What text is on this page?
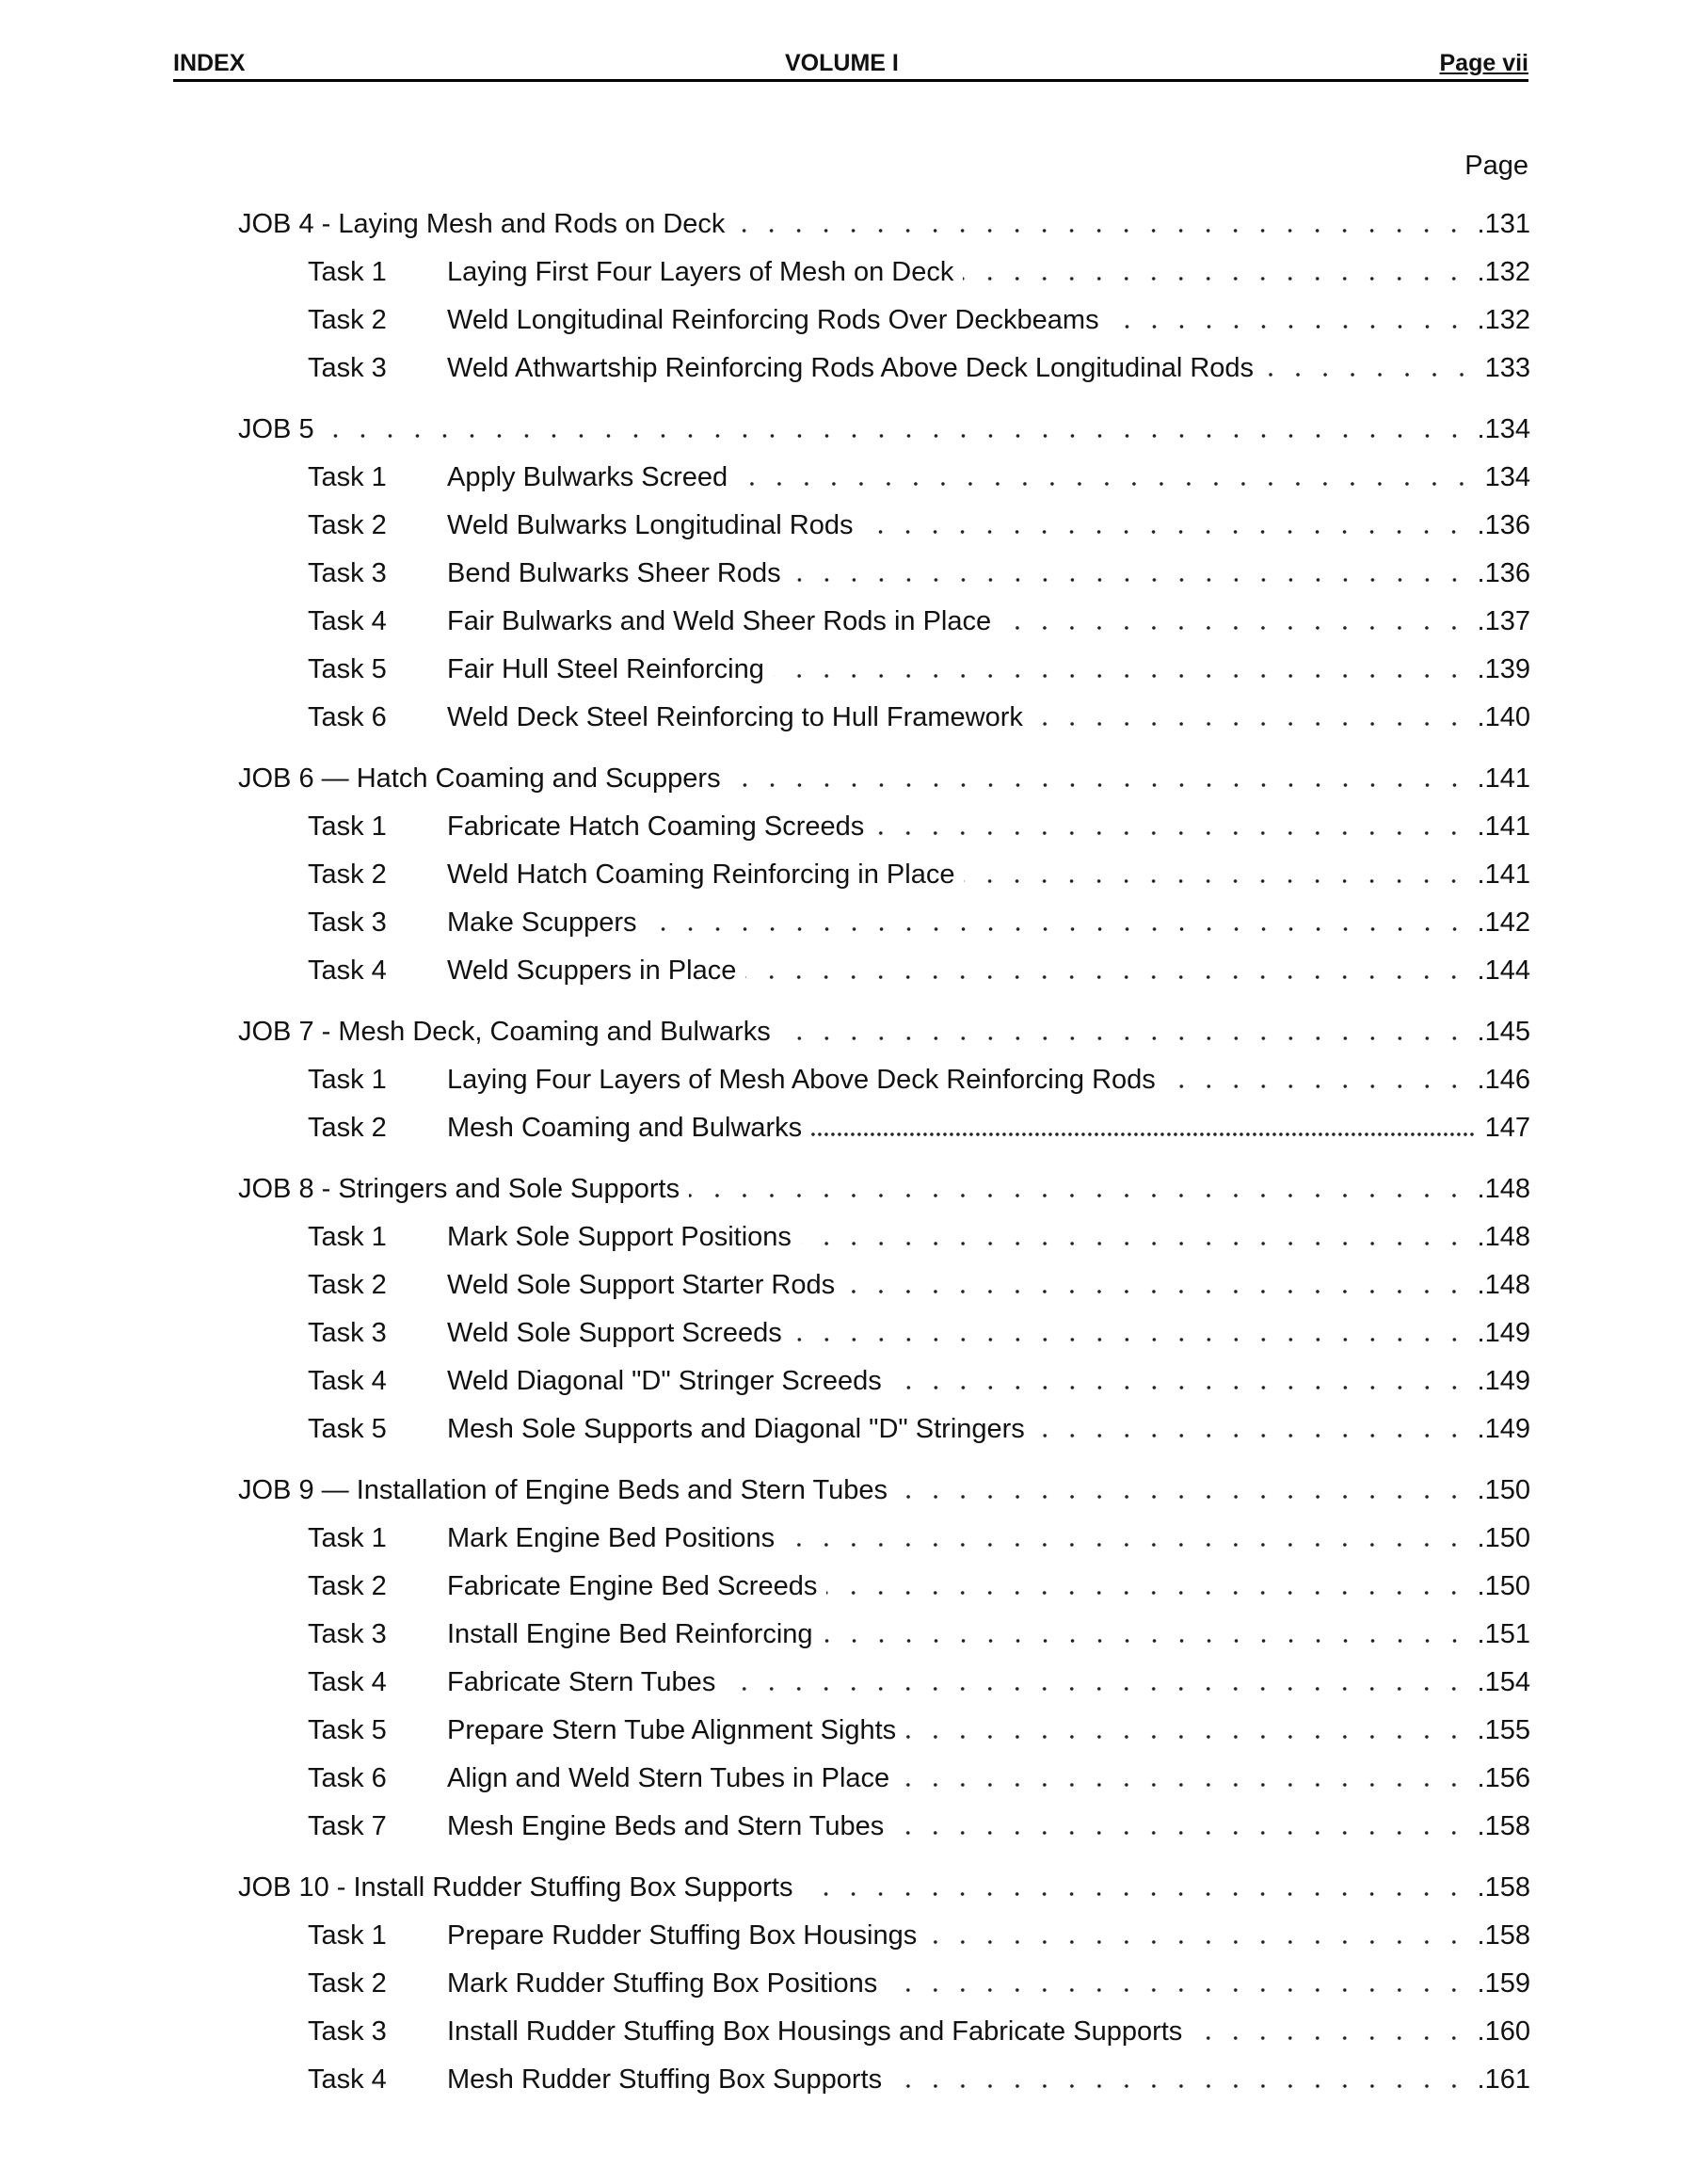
INDEX	VOLUME I	Page vii
Page
JOB 4 - Laying Mesh and Rods on Deck	.131
Task 1	Laying First Four Layers of Mesh on Deck	.132
Task 2	Weld Longitudinal Reinforcing Rods Over Deckbeams	.132
Task 3	Weld Athwartship Reinforcing Rods Above Deck Longitudinal Rods	133
JOB 5	.134
Task 1	Apply Bulwarks Screed	134
Task 2	Weld Bulwarks Longitudinal Rods	.136
Task 3	Bend Bulwarks Sheer Rods	.136
Task 4	Fair Bulwarks and Weld Sheer Rods in Place	.137
Task 5	Fair Hull Steel Reinforcing	.139
Task 6	Weld Deck Steel Reinforcing to Hull Framework	.140
JOB 6 — Hatch Coaming and Scuppers	.141
Task 1	Fabricate Hatch Coaming Screeds	.141
Task 2	Weld Hatch Coaming Reinforcing in Place	.141
Task 3	Make Scuppers	.142
Task 4	Weld Scuppers in Place	.144
JOB 7 - Mesh Deck, Coaming and Bulwarks	.145
Task 1	Laying Four Layers of Mesh Above Deck Reinforcing Rods	.146
Task 2	Mesh Coaming and Bulwarks	147
JOB 8 - Stringers and Sole Supports	.148
Task 1	Mark Sole Support Positions	.148
Task 2	Weld Sole Support Starter Rods	.148
Task 3	Weld Sole Support Screeds	.149
Task 4	Weld Diagonal "D" Stringer Screeds	.149
Task 5	Mesh Sole Supports and Diagonal "D" Stringers	.149
JOB 9 — Installation of Engine Beds and Stern Tubes	.150
Task 1	Mark Engine Bed Positions	.150
Task 2	Fabricate Engine Bed Screeds	.150
Task 3	Install Engine Bed Reinforcing	.151
Task 4	Fabricate Stern Tubes	.154
Task 5	Prepare Stern Tube Alignment Sights	.155
Task 6	Align and Weld Stern Tubes in Place	.156
Task 7	Mesh Engine Beds and Stern Tubes	.158
JOB 10 - Install Rudder Stuffing Box Supports	.158
Task 1	Prepare Rudder Stuffing Box Housings	.158
Task 2	Mark Rudder Stuffing Box Positions	.159
Task 3	Install Rudder Stuffing Box Housings and Fabricate Supports	.160
Task 4	Mesh Rudder Stuffing Box Supports	.161
